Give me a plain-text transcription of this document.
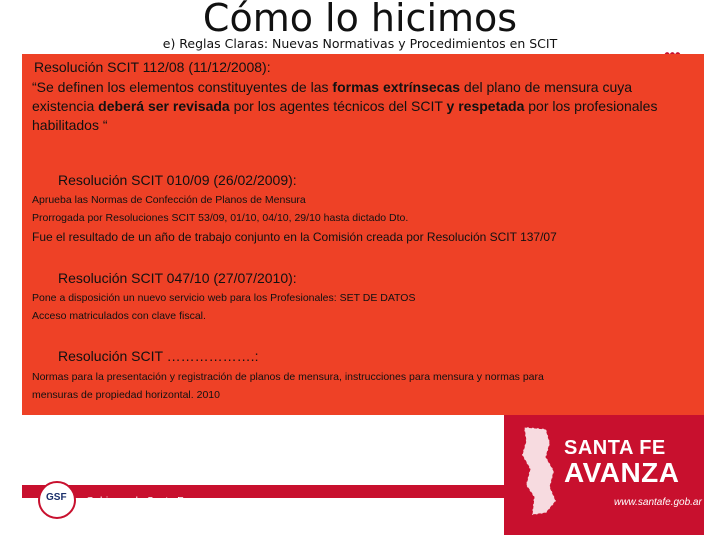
Cómo lo hicimos
e) Reglas Claras: Nuevas Normativas y Procedimientos en SCIT
Resolución SCIT 112/08 (11/12/2008):
“Se definen los elementos constituyentes de las formas extrínsecas del plano de mensura cuya existencia deberá ser revisada por los agentes técnicos del SCIT y respetada por los profesionales habilitados “
Resolución SCIT 010/09 (26/02/2009):
Aprueba las Normas de Confección de Planos de Mensura
Prorrogada por Resoluciones SCIT 53/09, 01/10, 04/10, 29/10 hasta dictado Dto.
Fue el resultado de un año de trabajo conjunto en la Comisión creada por Resolución SCIT 137/07
Resolución SCIT 047/10 (27/07/2010):
Pone a disposición un nuevo servicio web para los Profesionales: SET DE DATOS
Acceso matriculados con clave fiscal.
Resolución SCIT ……………….:
Normas para la presentación y registración de planos de mensura, instrucciones para mensura y normas para
mensuras de propiedad horizontal. 2010
GSF Gobierno de Santa Fe
SANTA FE
AVANZA
www.santafe.gob.ar
